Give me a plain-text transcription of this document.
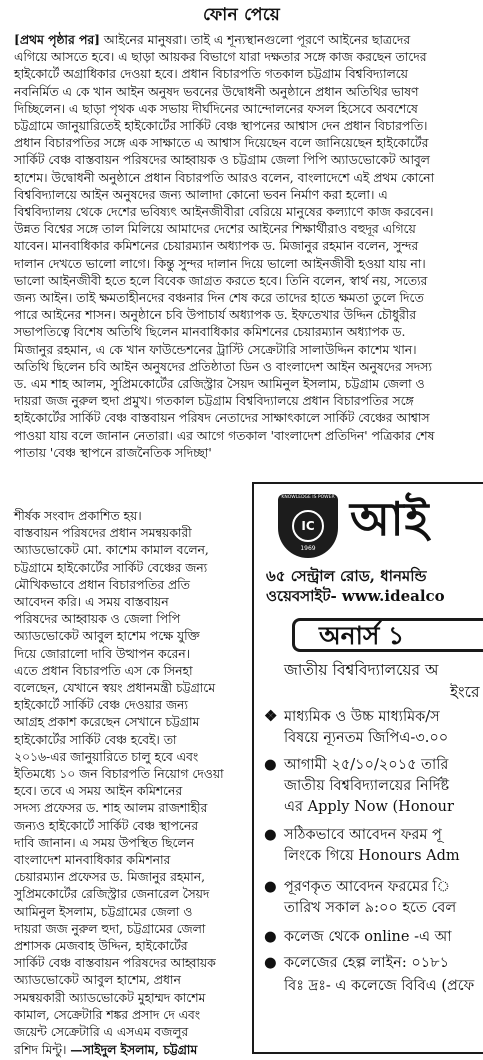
ফোন পেয়ে

[প্রথম পৃষ্ঠার পর] আইনের মানুষরা। তাই এ শূন্যস্থানগুলো পূরণে আইনের ছাত্রদের
এগিয়ে আসতে হবে। এ ছাড়া আয়কর বিভাগে যারা দক্ষতার সঙ্গে কাজ করছেন তাদের
হাইকোর্টে অগ্রাধিকার দেওয়া হবে। প্রধান বিচারপতি গতকাল চট্টগ্রাম বিশ্ববিদ্যালয়ে
নবনির্মিত এ কে খান আইন অনুষদ ভবনের উদ্বোধনী অনুষ্ঠানে প্রধান অতিথির ভাষণ
দিচ্ছিলেন। এ ছাড়া পৃথক এক সভায় দীর্ঘদিনের আন্দোলনের ফসল হিসেবে অবশেষে
চট্টগ্রামে জানুয়ারিতেই হাইকোর্টের সার্কিট বেঞ্চ স্থাপনের আশ্বাস দেন প্রধান বিচারপতি।
প্রধান বিচারপতির সঙ্গে এক সাক্ষাতে এ আশ্বাস দিয়েছেন বলে জানিয়েছেন হাইকোর্টের
সার্কিট বেঞ্চ বাস্তবায়ন পরিষদের আহ্বায়ক ও চট্টগ্রাম জেলা পিপি অ্যাডভোকেট আবুল
হাশেম। উদ্বোধনী অনুষ্ঠানে প্রধান বিচারপতি আরও বলেন, বাংলাদেশে এই প্রথম কোনো
বিশ্ববিদ্যালয়ে আইন অনুষদের জন্য আলাদা কোনো ভবন নির্মাণ করা হলো। এ
বিশ্ববিদ্যালয় থেকে দেশের ভবিষ্যৎ আইনজীবীরা বেরিয়ে মানুষের কল্যাণে কাজ করবেন।
উন্নত বিশ্বের সঙ্গে তাল মিলিয়ে আমাদের দেশের আইনের শিক্ষার্থীরাও বহুদূর এগিয়ে
যাবেন। মানবাধিকার কমিশনের চেয়ারম্যান অধ্যাপক ড. মিজানুর রহমান বলেন, সুন্দর
দালান দেখতে ভালো লাগে। কিন্তু সুন্দর দালান দিয়ে ভালো আইনজীবী হওয়া যায় না।
ভালো আইনজীবী হতে হলে বিবেক জাগ্রত করতে হবে। তিনি বলেন, স্বার্থ নয়, সত্যের
জন্য আইন। তাই ক্ষমতাহীনদের বঞ্চনার দিন শেষ করে তাদের হাতে ক্ষমতা তুলে দিতে
পারে আইনের শাসন। অনুষ্ঠানে চবি উপাচার্য অধ্যাপক ড. ইফতেখার উদ্দিন চৌধুরীর
সভাপতিত্বে বিশেষ অতিথি ছিলেন মানবাধিকার কমিশনের চেয়ারম্যান অধ্যাপক ড.
মিজানুর রহমান, এ কে খান ফাউন্ডেশনের ট্রাস্টি সেক্রেটারি সালাউদ্দিন কাশেম খান।
অতিথি ছিলেন চবি আইন অনুষদের প্রতিষ্ঠাতা ডিন ও বাংলাদেশ আইন অনুষদের সদস্য
ড. এম শাহ আলম, সুপ্রিমকোর্টের রেজিস্ট্রার সৈয়দ আমিনুল ইসলাম, চট্টগ্রাম জেলা ও
দায়রা জজ নুরুল হুদা প্রমুখ। গতকাল চট্টগ্রাম বিশ্ববিদ্যালয়ে প্রধান বিচারপতির সঙ্গে
হাইকোর্টের সার্কিট বেঞ্চ বাস্তবায়ন পরিষদ নেতাদের সাক্ষাৎকালে সার্কিট বেঞ্চের আশ্বাস
পাওয়া যায় বলে জানান নেতারা। এর আগে গতকাল 'বাংলাদেশ প্রতিদিন' পত্রিকার শেষ
পাতায় 'বেঞ্চ স্থাপনে রাজনৈতিক সদিচ্ছা'

শীর্ষক সংবাদ প্রকাশিত হয়।
বাস্তবায়ন পরিষদের প্রধান সমন্বয়কারী
অ্যাডভোকেট মো. কাশেম কামাল বলেন,
চট্টগ্রামে হাইকোর্টের সার্কিট বেঞ্চের জন্য
মৌখিকভাবে প্রধান বিচারপতির প্রতি
আবেদন করি। এ সময় বাস্তবায়ন
পরিষদের আহ্বায়ক ও জেলা পিপি
অ্যাডভোকেট আবুল হাশেম পক্ষে যুক্তি
দিয়ে জোরালো দাবি উত্থাপন করেন।
এতে প্রধান বিচারপতি এস কে সিনহা
বলেছেন, যেখানে স্বয়ং প্রধানমন্ত্রী চট্টগ্রামে
হাইকোর্টে সার্কিট বেঞ্চ দেওয়ার জন্য
আগ্রহ প্রকাশ করেছেন সেখানে চট্টগ্রাম
হাইকোর্টের সার্কিট বেঞ্চ হবেই। তা
২০১৬-এর জানুয়ারিতে চালু হবে এবং
ইতিমধ্যে ১০ জন বিচারপতি নিয়োগ দেওয়া
হবে। তবে এ সময় আইন কমিশনের
সদস্য প্রফেসর ড. শাহ আলম রাজশাহীর
জন্যও হাইকোর্টে সার্কিট বেঞ্চ স্থাপনের
দাবি জানান। এ সময় উপস্থিত ছিলেন
বাংলাদেশ মানবাধিকার কমিশনার
চেয়ারম্যান প্রফেসর ড. মিজানুর রহমান,
সুপ্রিমকোর্টের রেজিস্ট্রার জেনারেল সৈয়দ
আমিনুল ইসলাম, চট্টগ্রামের জেলা ও
দায়রা জজ নুরুল হুদা, চট্টগ্রামের জেলা
প্রশাসক মেজবাহ উদ্দিন, হাইকোর্টের
সার্কিট বেঞ্চ বাস্তবায়ন পরিষদের আহ্বায়ক
অ্যাডভোকেট আবুল হাশেম, প্রধান
সমন্বয়কারী অ্যাডভোকেট মুহাম্মদ কাশেম
কামাল, সেক্রেটারি শঙ্কর প্রসাদ দে এবং
জয়েন্ট সেক্রেটারি এ এসএম বজলুর
রশিদ মিন্টু। —সাইদুল ইসলাম, চট্টগ্রাম

KNOWLEDGE IS POWER
IC
1969
আই
৬৫ সেন্ট্রাল রোড, ধানমন্ডি
ওয়েবসাইট- www.idealco
অনার্স ১
জাতীয় বিশ্ববিদ্যালয়ের অ
ইংরে

❖ মাধ্যমিক ও উচ্চ মাধ্যমিক/স
বিষয়ে ন্যূনতম জিপিএ-৩.০০

● আগামী ২৫/১০/২০১৫ তারি
জাতীয় বিশ্ববিদ্যালয়ের নির্দিষ্ট
এর Apply Now (Honour

● সঠিকভাবে আবেদন ফরম পূ
লিংকে গিয়ে Honours Adm

● পূরণকৃত আবেদন ফরমের ি
তারিখ সকাল ৯:০০ হতে বেল

● কলেজ থেকে online -এ আ

● কলেজের হেল্প লাইন: ০১৮১

বিঃ দ্রঃ- এ কলেজে বিবিএ (প্রফে
